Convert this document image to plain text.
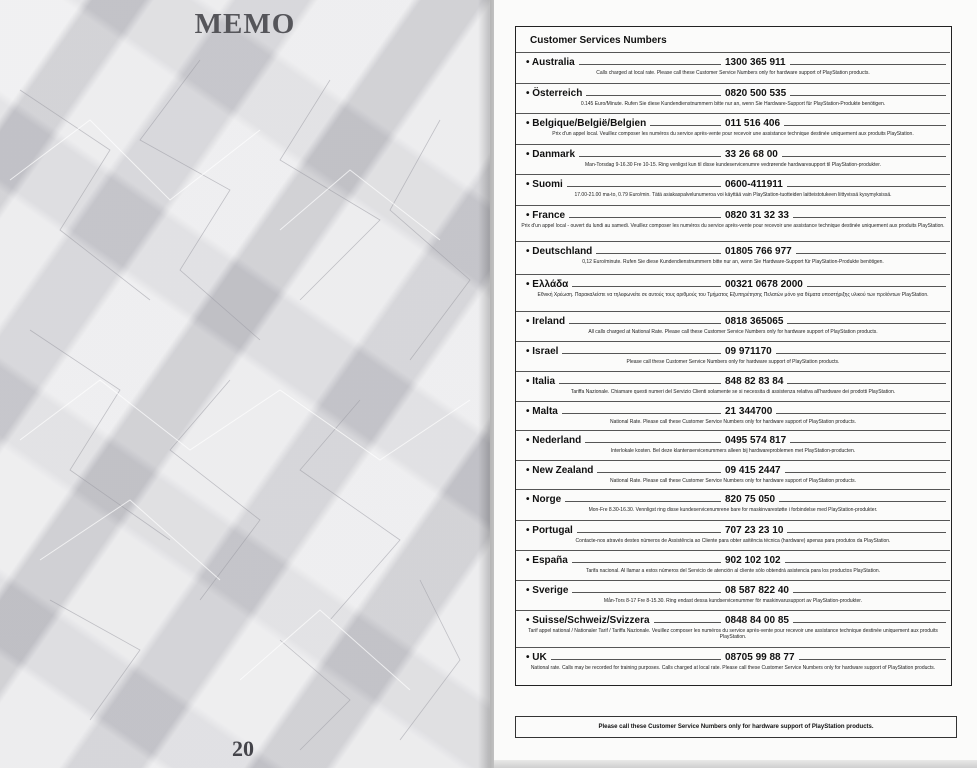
MEMO
20
Customer Services Numbers
• Australia	1300 365 911
Calls charged at local rate. Please call these Customer Service Numbers only for hardware support of PlayStation products.
• Österreich	0820 500 535
0.145 Euro/Minute. Rufen Sie diese Kundendienstnummern bitte nur an, wenn Sie Hardware-Support für PlayStation-Produkte benötigen.
• Belgique/België/Belgien	011 516 406
Prix d'un appel local. Veuillez composer les numéros du service après-vente pour recevoir une assistance technique destinée uniquement aux produits PlayStation.
• Danmark	33 26 68 00
Man-Torsdag 9-16.30 Fre 10-15. Ring venligst kun til disse kundeservicenumre vedrørende hardwaresupport til PlayStation-produkter.
• Suomi	0600-411911
17.00-21.00 ma-to, 0.79 Euro/min. Tätä asiakaspalvelunumeroa voi käyttää vain PlayStation-tuotteiden laitteistotukeen liittyvissä kysymyksissä.
• France	0820 31 32 33
Prix d'un appel local - ouvert du lundi au samedi. Veuillez composer les numéros du service après-vente pour recevoir une assistance technique destinée uniquement aux produits PlayStation.
• Deutschland	01805 766 977
0,12 Euro/minute. Rufen Sie diese Kundendienstnummern bitte nur an, wenn Sie Hardware-Support für PlayStation-Produkte benötigen.
• Ελλάδα	00321 0678 2000
Εθνική Χρέωση. Παρακαλείστε να τηλεφωνείτε σε αυτούς τους αριθμούς του Τμήματος Εξυπηρέτησης Πελατών μόνο για θέματα υποστήριξης υλικού των προϊόντων PlayStation.
• Ireland	0818 365065
All calls charged at National Rate. Please call these Customer Service Numbers only for hardware support of PlayStation products.
• Israel	09 971170
Please call these Customer Service Numbers only for hardware support of PlayStation products.
• Italia	848 82 83 84
Tariffa Nazionale. Chiamare questi numeri del Servizio Clienti solamente se si necessita di assistenza relativa all'hardware dei prodotti PlayStation.
• Malta	21 344700
National Rate. Please call these Customer Service Numbers only for hardware support of PlayStation products.
• Nederland	0495 574 817
Interlokale kosten. Bel deze klantenservicenummers alleen bij hardwareproblemen met PlayStation-producten.
• New Zealand	09 415 2447
National Rate. Please call these Customer Service Numbers only for hardware support of PlayStation products.
• Norge	820 75 050
Mon-Fre 8.30-16.30. Vennligst ring disse kundeservicenumrene bare for maskinvarestøtte i forbindelse med PlayStation-produkter.
• Portugal	707 23 23 10
Contacte-nos através destes números de Assistência ao Cliente para obter asitência técnica (hardware) apenas para produtos da PlayStation.
• España	902 102 102
Tarifa nacional. Al llamar a estos números del Servicio de atención al cliente sólo obtendrá asistencia para los productos PlayStation.
• Sverige	08 587 822 40
Mån-Tors 8-17 Fre 8-15.30. Ring endast dessa kundservicenummer för maskinvarusupport av PlayStation-produkter.
• Suisse/Schweiz/Svizzera	0848 84 00 85
Tarif appel national / Nationaler Tarif / Tariffa Nazionale. Veuillez composer les numéros du service après-vente pour recevoir une assistance technique destinée uniquement aux produits PlayStation.
• UK	08705 99 88 77
National rate. Calls may be recorded for training purposes. Calls charged at local rate. Please call these Customer Service Numbers only for hardware support of PlayStation products.
Please call these Customer Service Numbers only for hardware support of PlayStation products.
